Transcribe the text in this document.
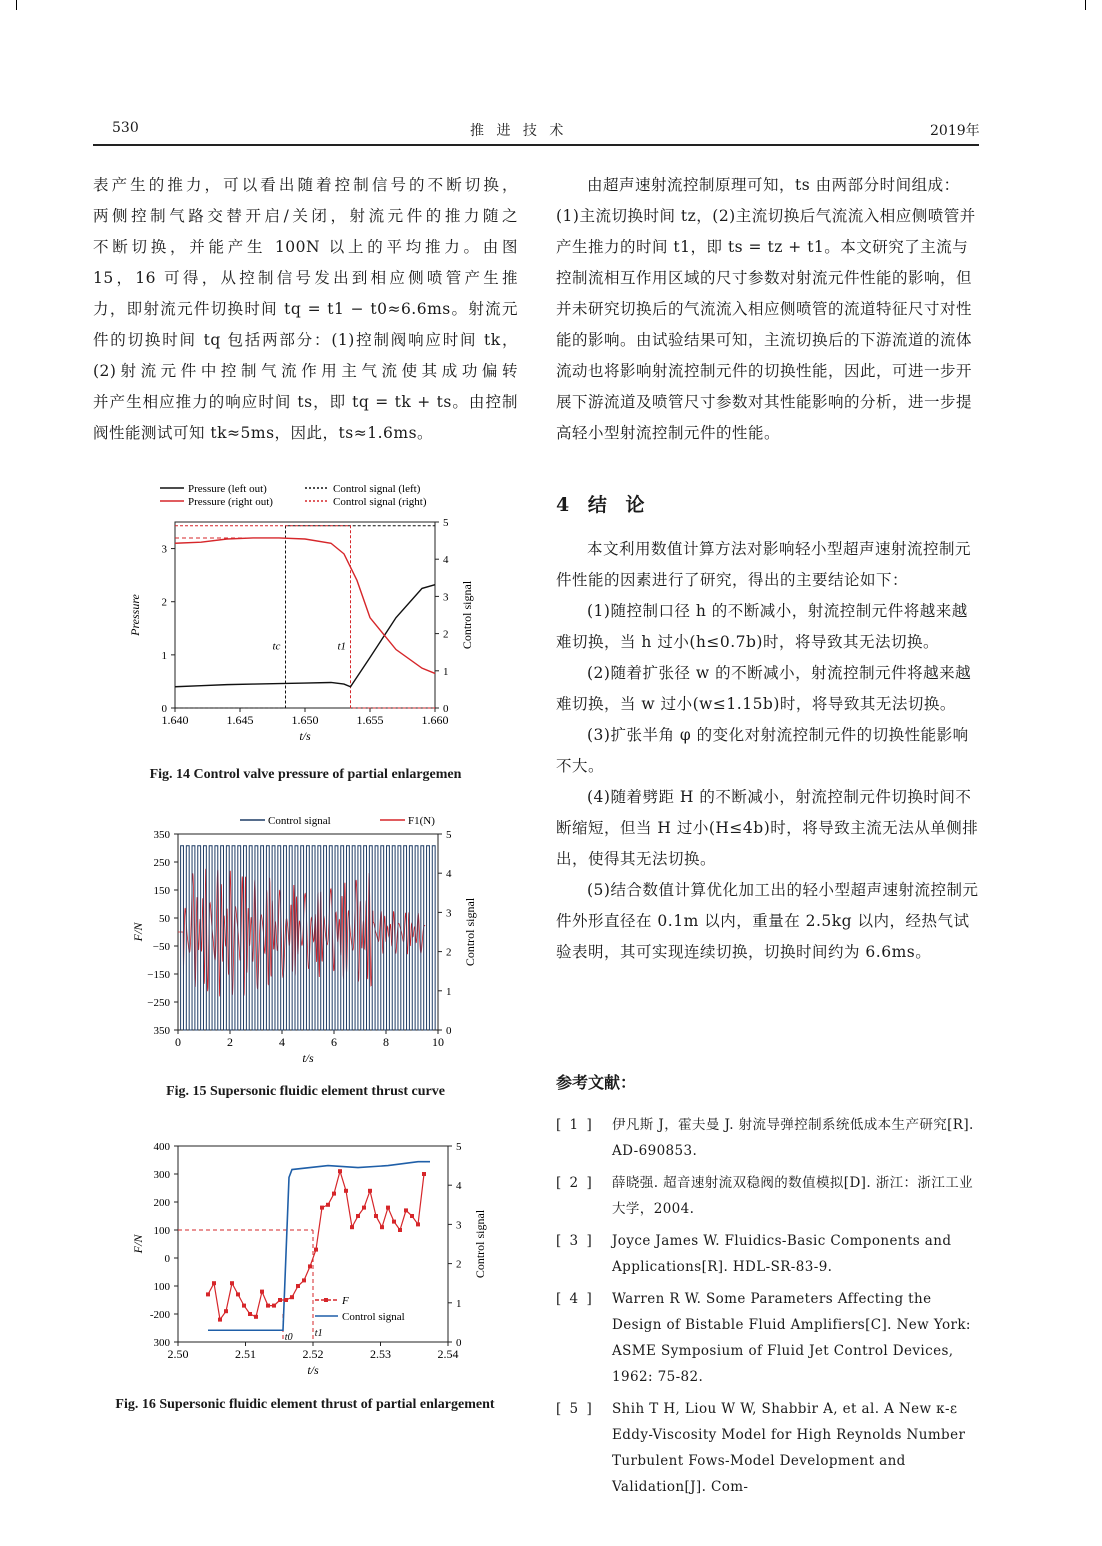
530	推 进 技 术	2019年
表产生的推力，可以看出随着控制信号的不断切换，
两侧控制气路交替开启/关闭，射流元件的推力随之
不断切换，并能产生 100N 以上的平均推力。由图
15，16 可得，从控制信号发出到相应侧喷管产生推
力，即射流元件切换时间 tq = t1 − t0≈6.6ms。射流元
件的切换时间 tq 包括两部分：(1)控制阀响应时间 tk，
(2)射流元件中控制气流作用主气流使其成功偏转
并产生相应推力的响应时间 ts，即 tq = tk + ts。由控制
阀性能测试可知 tk≈5ms，因此，ts≈1.6ms。

由超声速射流控制原理可知，ts 由两部分时间组成：(1)主流切换时间 tz，(2)主流切换后气流流入相应侧喷管并产生推力的时间 t1，即 ts = tz + t1。本文研究了主流与控制流相互作用区域的尺寸参数对射流元件性能的影响，但并未研究切换后的气流流入相应侧喷管的流道特征尺寸对性能的影响。由试验结果可知，主流切换后的下游流道的流体流动也将影响射流控制元件的切换性能，因此，可进一步开展下游流道及喷管尺寸参数对其性能影响的分析，进一步提高轻小型射流控制元件的性能。

4 结 论

本文利用数值计算方法对影响轻小型超声速射流控制元件性能的因素进行了研究，得出的主要结论如下：

(1)随控制口径 h 的不断减小，射流控制元件将越来越难切换，当 h 过小(h≤0.7b)时，将导致其无法切换。

(2)随着扩张径 w 的不断减小，射流控制元件将越来越难切换，当 w 过小(w≤1.15b)时，将导致其无法切换。

(3)扩张半角 φ 的变化对射流控制元件的切换性能影响不大。

(4)随着劈距 H 的不断减小，射流控制元件切换时间不断缩短，但当 H 过小(H≤4b)时，将导致主流无法从单侧排出，使得其无法切换。

(5)结合数值计算优化加工出的轻小型超声速射流控制元件外形直径在 0.1m 以内，重量在 2.5kg 以内，经热气试验表明，其可实现连续切换，切换时间约为 6.6ms。

参考文献：
[ 1 ]	伊凡斯 J，霍夫曼 J. 射流导弹控制系统低成本生产研究[R]. AD-690853.
[ 2 ]	薛晓强. 超音速射流双稳阀的数值模拟[D]. 浙江：浙江工业大学，2004.
[ 3 ]	Joyce James W. Fluidics-Basic Components and Applications[R]. HDL-SR-83-9.
[ 4 ]	Warren R W. Some Parameters Affecting the Design of Bistable Fluid Amplifiers[C]. New York: ASME Symposium of Fluid Jet Control Devices, 1962: 75-82.
[ 5 ]	Shih T H, Liou W W, Shabbir A, et al. A New κ-ε Eddy-Viscosity Model for High Reynolds Number Turbulent Fows-Model Development and Validation[J]. Com-
1.640	1.645	1.650	1.655	1.660
t/s
0
1
2
3
4
5
Control signal
Pressure
0
1
2
3
tc	t1
Pressure (left out)
Pressure (right out)
Control signal (left)
Control signal (right)
Fig. 14 Control valve pressure of partial enlargemen
0	2	4	6	8	10
t/s
0
1
2
3
4
5
Control signal
F/N
350
250
150
50
−50
−150
−250
350
Control signal	F1(N)
Fig. 15 Supersonic fluidic element thrust curve
2.50	2.51	2.52	2.53	2.54
t/s
0
1
2
3
4
5
Control signal
F/N
400
300
200
100
0
100
-200
300	t0 t1
F
Control signal
Fig. 16 Supersonic fluidic element thrust of partial enlargement
